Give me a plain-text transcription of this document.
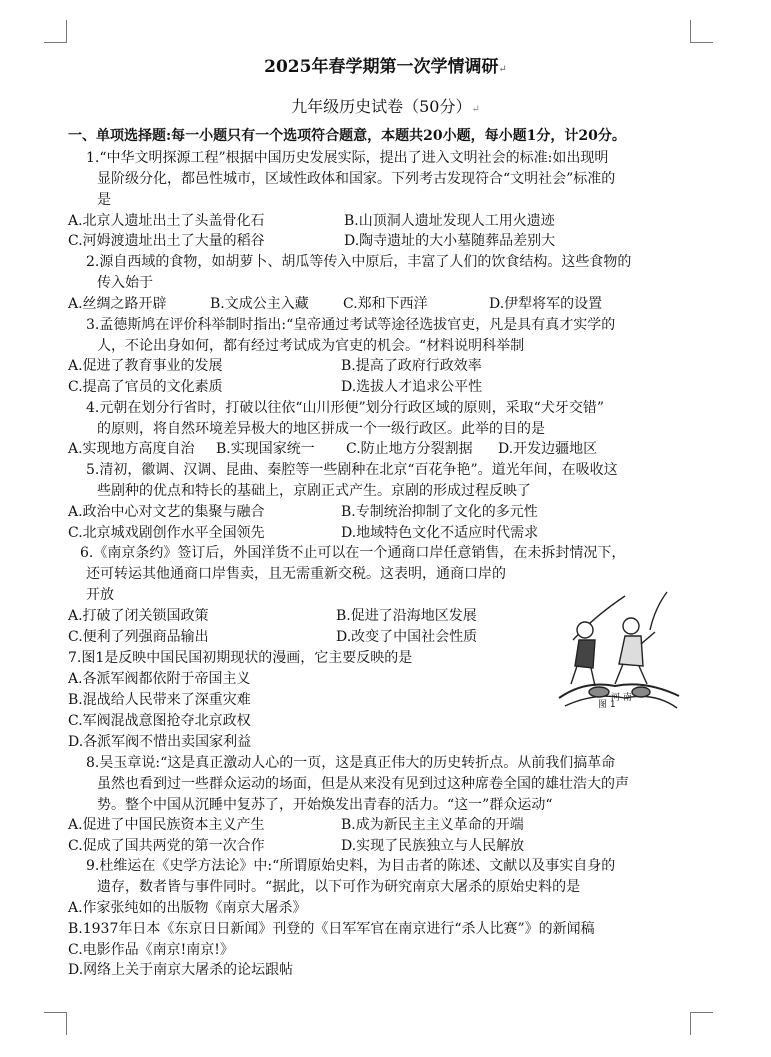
2025年春学期第一次学情调研↵
九年级历史试卷（50分）↵
一、单项选择题:每一小题只有一个选项符合题意，本题共20小题，每小题1分，计20分。
1.“中华文明探源工程”根据中国历史发展实际，提出了进入文明社会的标准:如出现明
显阶级分化，都邑性城市，区域性政体和国家。下列考古发现符合“文明社会”标准的
是
A.北京人遗址出土了头盖骨化石	B.山顶洞人遗址发现人工用火遗迹
C.河姆渡遗址出土了大量的稻谷	D.陶寺遗址的大小墓随葬品差别大
2.源自西域的食物，如胡萝卜、胡瓜等传入中原后，丰富了人们的饮食结构。这些食物的
传入始于
A.丝绸之路开辟	B.文成公主入藏 C.郑和下西洋	D.伊犁将军的设置
3.孟德斯鸠在评价科举制时指出:“皇帝通过考试等途径选拔官吏，凡是具有真才实学的
人，不论出身如何，都有经过考试成为官吏的机会。“材料说明科举制
A.促进了教育事业的发展	B.提高了政府行政效率
C.提高了官员的文化素质	D.选拔人才追求公平性
4.元朝在划分行省时，打破以往依“山川形便”划分行政区域的原则，采取“犬牙交错”
的原则，将自然环境差异极大的地区拼成一个一级行政区。此举的目的是
A.实现地方高度自治 B.实现国家统一 C.防止地方分裂割据 D.开发边疆地区
5.清初，徽调、汉调、昆曲、秦腔等一些剧种在北京“百花争艳”。道光年间，在吸收这
些剧种的优点和特长的基础上，京剧正式产生。京剧的形成过程反映了
A.政治中心对文艺的集聚与融合	B.专制统治抑制了文化的多元性
C.北京城戏剧创作水平全国领先	D.地域特色文化不适应时代需求
6.《南京条约》签订后，外国洋货不止可以在一个通商口岸任意销售，在未拆封情况下，
还可转运其他通商口岸售卖，且无需重新交税。这表明，通商口岸的
开放
A.打破了闭关锁国政策	B.促进了沿海地区发展
C.便利了列强商品输出	D.改变了中国社会性质
7.图1是反映中国民国初期现状的漫画，它主要反映的是
A.各派军阀都依附于帝国主义
B.混战给人民带来了深重灾难
C.军阀混战意图抢夺北京政权
D.各派军阀不惜出卖国家利益
河 南
图 1
8.吴玉章说:“这是真正激动人心的一页，这是真正伟大的历史转折点。从前我们搞革命
虽然也看到过一些群众运动的场面，但是从来没有见到过这种席卷全国的雄壮浩大的声
势。整个中国从沉睡中复苏了，开始焕发出青春的活力。“这一”群众运动“
A.促进了中国民族资本主义产生	B.成为新民主主义革命的开端
C.促成了国共两党的第一次合作	D.实现了民族独立与人民解放
9.杜维运在《史学方法论》中:“所谓原始史料，为目击者的陈述、文献以及事实自身的
遗存，数者皆与事件同时。“据此，以下可作为研究南京大屠杀的原始史料的是
A.作家张纯如的出版物《南京大屠杀》
B.1937年日本《东京日日新闻》刊登的《日军军官在南京进行“杀人比赛”》的新闻稿
C.电影作品《南京!南京!》
D.网络上关于南京大屠杀的论坛跟帖
